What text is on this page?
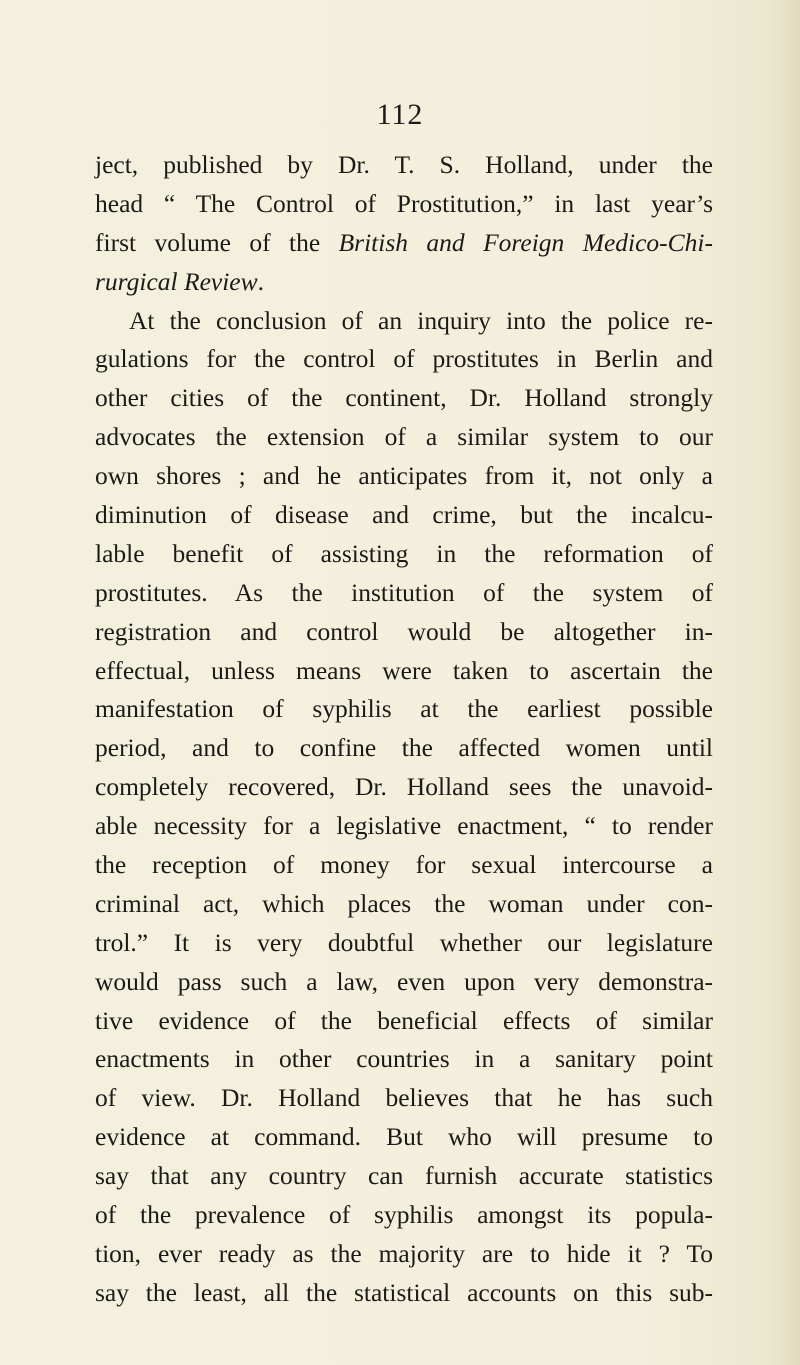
112

ject, published by Dr. T. S. Holland, under the
head “ The Control of Prostitution,” in last year’s
first volume of the British and Foreign Medico-Chi-
rurgical Review.
At the conclusion of an inquiry into the police re-
gulations for the control of prostitutes in Berlin and
other cities of the continent, Dr. Holland strongly
advocates the extension of a similar system to our
own shores ; and he anticipates from it, not only a
diminution of disease and crime, but the incalcu-
lable benefit of assisting in the reformation of
prostitutes. As the institution of the system of
registration and control would be altogether in-
effectual, unless means were taken to ascertain the
manifestation of syphilis at the earliest possible
period, and to confine the affected women until
completely recovered, Dr. Holland sees the unavoid-
able necessity for a legislative enactment, “ to render
the reception of money for sexual intercourse a
criminal act, which places the woman under con-
trol.” It is very doubtful whether our legislature
would pass such a law, even upon very demonstra-
tive evidence of the beneficial effects of similar
enactments in other countries in a sanitary point
of view. Dr. Holland believes that he has such
evidence at command. But who will presume to
say that any country can furnish accurate statistics
of the prevalence of syphilis amongst its popula-
tion, ever ready as the majority are to hide it ? To
say the least, all the statistical accounts on this sub-
